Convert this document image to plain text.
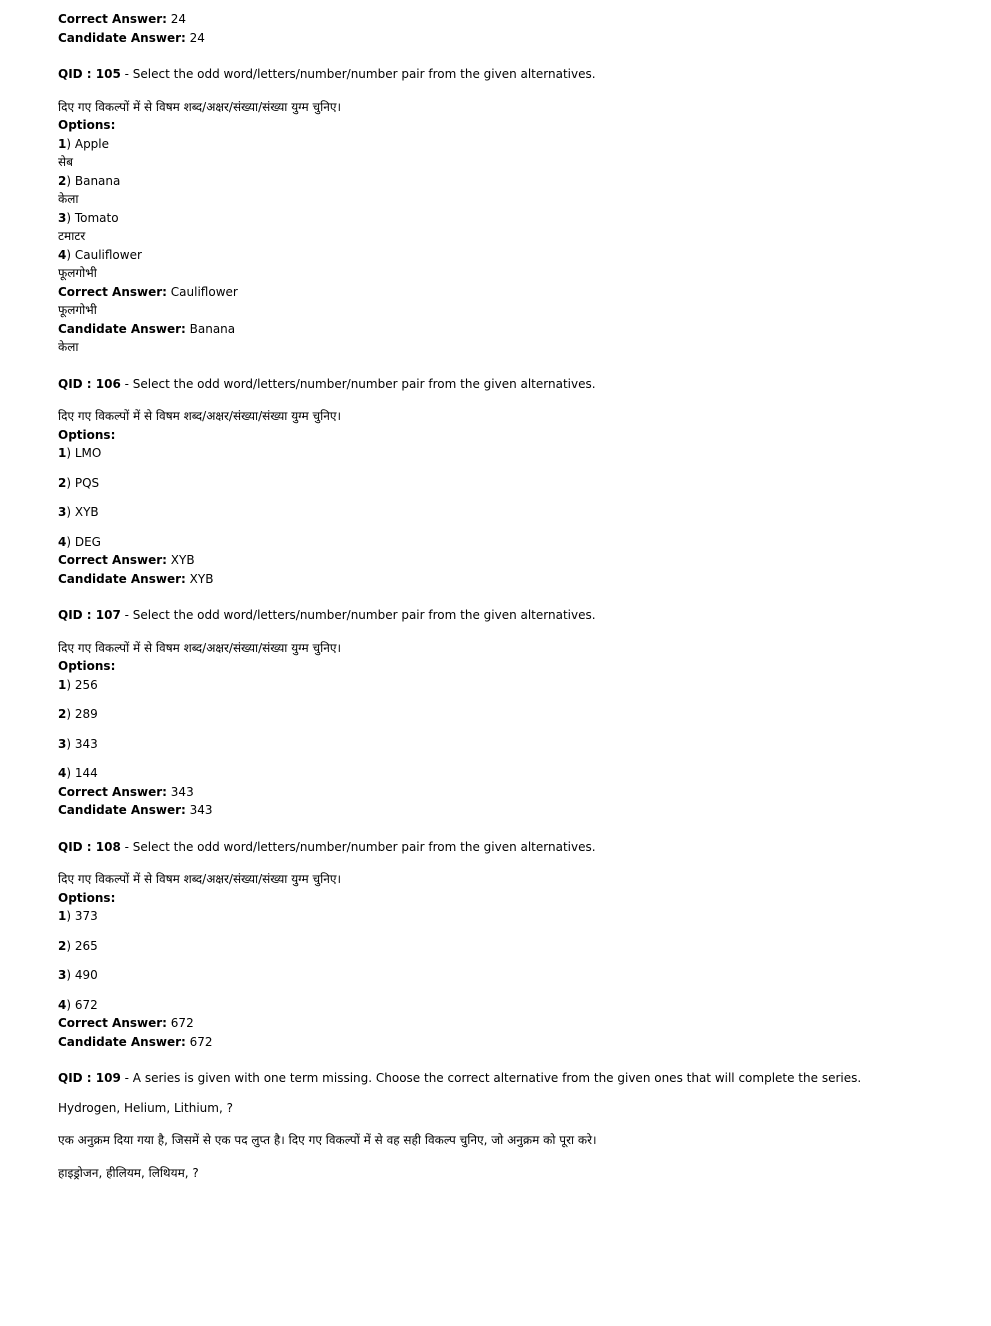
Correct Answer: 24
Candidate Answer: 24
QID : 105 - Select the odd word/letters/number/number pair from the given alternatives.
दिए गए विकल्पों में से विषम शब्द/अक्षर/संख्या/संख्या युग्म चुनिए।
Options:
1) Apple
सेब
2) Banana
केला
3) Tomato
टमाटर
4) Cauliflower
फूलगोभी
Correct Answer: Cauliflower
फूलगोभी
Candidate Answer: Banana
केला
QID : 106 - Select the odd word/letters/number/number pair from the given alternatives.
दिए गए विकल्पों में से विषम शब्द/अक्षर/संख्या/संख्या युग्म चुनिए।
Options:
1) LMO
2) PQS
3) XYB
4) DEG
Correct Answer: XYB
Candidate Answer: XYB
QID : 107 - Select the odd word/letters/number/number pair from the given alternatives.
दिए गए विकल्पों में से विषम शब्द/अक्षर/संख्या/संख्या युग्म चुनिए।
Options:
1) 256
2) 289
3) 343
4) 144
Correct Answer: 343
Candidate Answer: 343
QID : 108 - Select the odd word/letters/number/number pair from the given alternatives.
दिए गए विकल्पों में से विषम शब्द/अक्षर/संख्या/संख्या युग्म चुनिए।
Options:
1) 373
2) 265
3) 490
4) 672
Correct Answer: 672
Candidate Answer: 672
QID : 109 - A series is given with one term missing. Choose the correct alternative from the given ones that will complete the series.
Hydrogen, Helium, Lithium, ?
एक अनुक्रम दिया गया है, जिसमें से एक पद लुप्त है। दिए गए विकल्पों में से वह सही विकल्प चुनिए, जो अनुक्रम को पूरा करे।
हाइड्रोजन, हीलियम, लिथियम, ?
